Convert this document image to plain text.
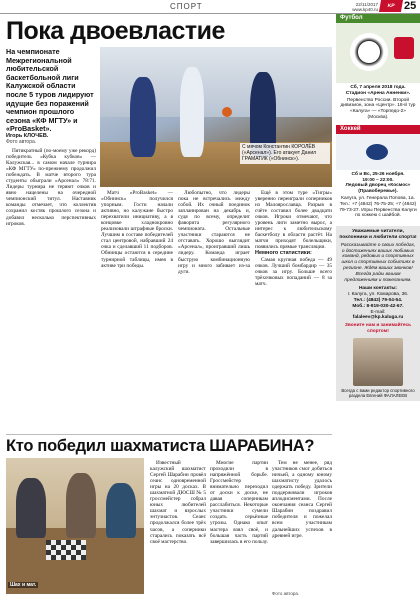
СПОРТ	22/11/2017
www.kp40.ru
KP 25
Пока двоевластие
На чемпионате Межрегиональной любительской баскетбольной лиги Калужской области после 5 туров лидируют идущие без поражений чемпион прошлого сезона «КФ МГТУ» и «ProBasket».
Игорь КЛОЧЕВ.
Фото автора.
С мячом Константин КОРОЛЁВ («Арсенал»). Его атакует Данил ГРАМАТИК («Обнинск»).

Пятикратный (по-моему уже рекорд) победитель «Кубка кубков» — Калужская... в самом начале турнира «КФ МГТУ» по-прежнему продолжил побеждать. В матче второго тура студенты обыграли «Арсенал» 78:71. Лидеры турнира не теряют очков и явно нацелены на очередной чемпионский титул. Наставник команды отмечает, что коллектив сохранил костяк прошлого сезона и добавил несколько перспективных игроков.

Матч «ProBasket» — «Обнинск» получился упорным. Гости начали активно, но калужане быстро перехватили инициативу, а в концовке хладнокровно реализовали штрафные броски. Лучшим в составе победителей стал центровой, набравший 24 очка и сделавший 11 подборов. Обнинцы остаются в середине турнирной таблицы, имея в активе три победы.

Любопытно, что лидеры пока не встречались между собой. Их очный поединок запланирован на декабрь и, судя по всему, определит фаворита регулярного чемпионата. Остальные участники стараются не отставать. Хорошо выглядит «Арсенал», проигравший лишь лидеру. Команда играет быструю комбинационную игру и много забивает из-за дуги.

Ещё в этом туре «Тигры» уверенно переиграли соперников из Малоярославца. Разрыв в счёте составил более двадцати очков. Игроки отмечают, что уровень лиги заметно вырос, а интерес к любительскому баскетболу в области растёт. На матчи приходят болельщики, появились прямые трансляции.

Немного статистики:

Самая крупная победа — 49 очков. Лучший бомбардир — 35 очков за игру. Больше всего трёхочковых попаданий — 8 за матч.

Футбол
Сб, 7 апреля 2018 года.
Стадион «Арена Анненки».
Первенство России. Второй дивизион, зона «Центр». 18-й тур «Калуга» — «Торпедо-2» (Москва).
Хоккей
Сб и Вс, 25-26 ноября.
19:00 – 22:00.
Ледовый дворец «Космос» (Правобережье).
Калуга, ул. Генерала Попова, 1а. Тел.: +7 (4842) 76-75-25; +7 (4842) 79-73-27. Игры Первенства Калуги по хоккею с шайбой.
Уважаемые читатели, поклонники и любители спорта!
Рассказывайте о своих победах, о достижениях ваших любимых команд, рядовых и спортивных школ и спортивных событиях в регионе. Ждём ваших звонков! Всегда рады вашим предложениям и пожеланиям.
Наши контакты:
г. Калуга, ул. Комарова, 36.
Тел.: (4842) 79-04-54.
Моб.: 8-919-030-42-67.
E-mail:
falaleev@kp.kaluga.ru
Звоните нам и занимайтесь спортом!
Всегда с вами редактор спортивного раздела Евгений ФАЛАЛЕЕВ
Кто победил шахматиста ШАРАБИНА?
Шах и мат.

Известный калужский шахматист Сергей Шарабин провёл сеанс одновременной игры на 20 досках. В шахматной ДЮСШ № 5 гроссмейстер собрал юных любителей шахмат и взрослых энтузиастов. Сеанс продолжался более трёх часов, а соперники старались показать всё своё мастерство.

Многие партии проходили в напряжённой борьбе. Гроссмейстер внимательно переходил от доски к доске, не давая соперникам расслабиться. Некоторые участники сумели создать серьёзные угрозы. Однако опыт мастера взял своё, и большая часть партий завершилась в его пользу.

Тем не менее, ряд участников смог добиться ничьей, а одному юному шахматисту удалось одержать победу. Зрители поддерживали игроков аплодисментами. После окончания сеанса Сергей Шарабин поздравил победителя и пожелал всем участникам дальнейших успехов в древней игре.

Фото автора.
